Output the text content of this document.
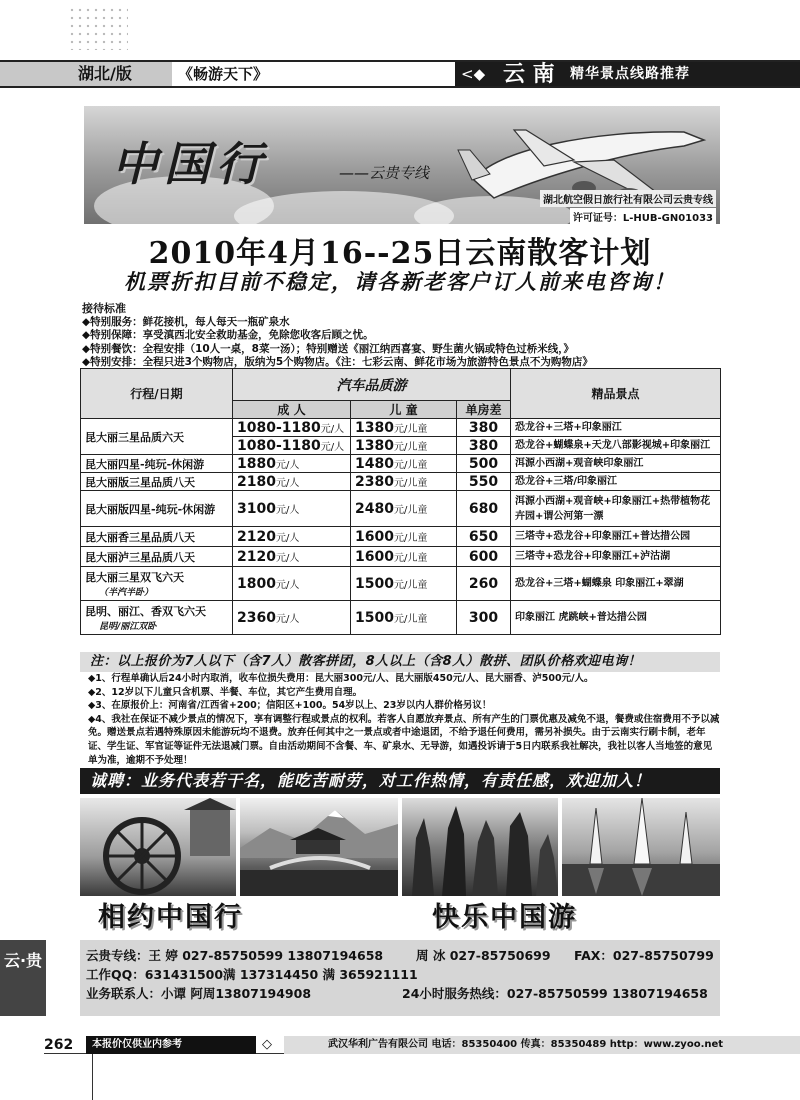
湖北/版	《畅游天下》	<◆ 云 南 精华景点线路推荐
中国行	——云贵专线
湖北航空假日旅行社有限公司云贵专线
许可证号：L-HUB-GN01033
2010年4月16--25日云南散客计划
机票折扣目前不稳定，请各新老客户订人前来电咨询！
接待标准
◆特别服务：鲜花接机，每人每天一瓶矿泉水
◆特别保障：享受滇西北安全救助基金，免除您收客后顾之忧。
◆特别餐饮：全程安排（10人一桌，8菜一汤）；特别赠送《丽江纳西喜宴、野生菌火锅或特色过桥米线，》
◆特别安排：全程只进3个购物店，版纳为5个购物店。《注：七彩云南、鲜花市场为旅游特色景点不为购物店》
行程/日期	汽车品质游			精品景点
	成 人	儿 童	单房差	
昆大丽三星品质六天	1080-1180元/人	1380元/儿童	380	恐龙谷+三塔+印象丽江
	1080-1180元/人	1380元/儿童	380	恐龙谷+蝴蝶泉+天龙八部影视城+印象丽江
昆大丽四星-纯玩-休闲游	1880元/人	1480元/儿童	500	洱源小西湖+观音峡印象丽江
昆大丽版三星品质八天	2180元/人	2380元/儿童	550	恐龙谷+三塔/印象丽江
昆大丽版四星-纯玩-休闲游	3100元/人	2480元/儿童	680	洱源小西湖+观音峡+印象丽江+热带植物花卉园+谓公河第一漂
昆大丽香三星品质八天	2120元/人	1600元/儿童	650	三塔寺+恐龙谷+印象丽江+普达措公园
昆大丽泸三星品质八天	2120元/人	1600元/儿童	600	三塔寺+恐龙谷+印象丽江+泸沽湖

昆大丽三星双飞六天
（半汽半卧）	1800元/人	1500元/儿童	260	恐龙谷+三塔+蝴蝶泉 印象丽江+翠湖

昆明、丽江、香双飞六天
昆明/丽江双卧	2360元/人	1500元/儿童	300	印象丽江 虎跳峡+普达措公园
注：以上报价为7人以下（含7人）散客拼团，8人以上（含8人）散拼、团队价格欢迎电询！
◆1、行程单确认后24小时内取消，收车位损失费用：昆大丽300元/人、昆大丽版450元/人、昆大丽香、泸500元/人。
◆2、12岁以下儿童只含机票、半餐、车位，其它产生费用自理。
◆3、在原报价上：河南省/江西省+200；信阳区+100。54岁以上、23岁以内人群价格另议！
◆4、我社在保证不减少景点的情况下，享有调整行程或景点的权利。若客人自愿放弃景点、所有产生的门票优惠及减免不退，餐费或住宿费用不予以减免。赠送景点若遇特殊原因未能游玩均不退费。放弃任何其中之一景点或者中途退团，不给予退任何费用，需另补损失。由于云南实行刷卡制，老年证、学生证、军官证等证件无法退减门票。自由活动期间不含餐、车、矿泉水、无导游，如遇投诉请于5日内联系我社解决，我社以客人当地签的意见单为准，逾期不予处理！
诚聘：业务代表若干名，能吃苦耐劳，对工作热情，有责任感，欢迎加入！
相约中国行	快乐中国游
云·贵	云贵专线：王 婷 027-85750599 13807194658	周 冰 027-85750699 FAX：027-85750799
工作QQ：631431500满 137314450 满 365921111
业务联系人：小谭 阿周13807194908	24小时服务热线：027-85750599 13807194658
262	本报价仅供业内参考	◇	武汉华利广告有限公司 电话：85350400 传真：85350489 http：www.zyoo.net
